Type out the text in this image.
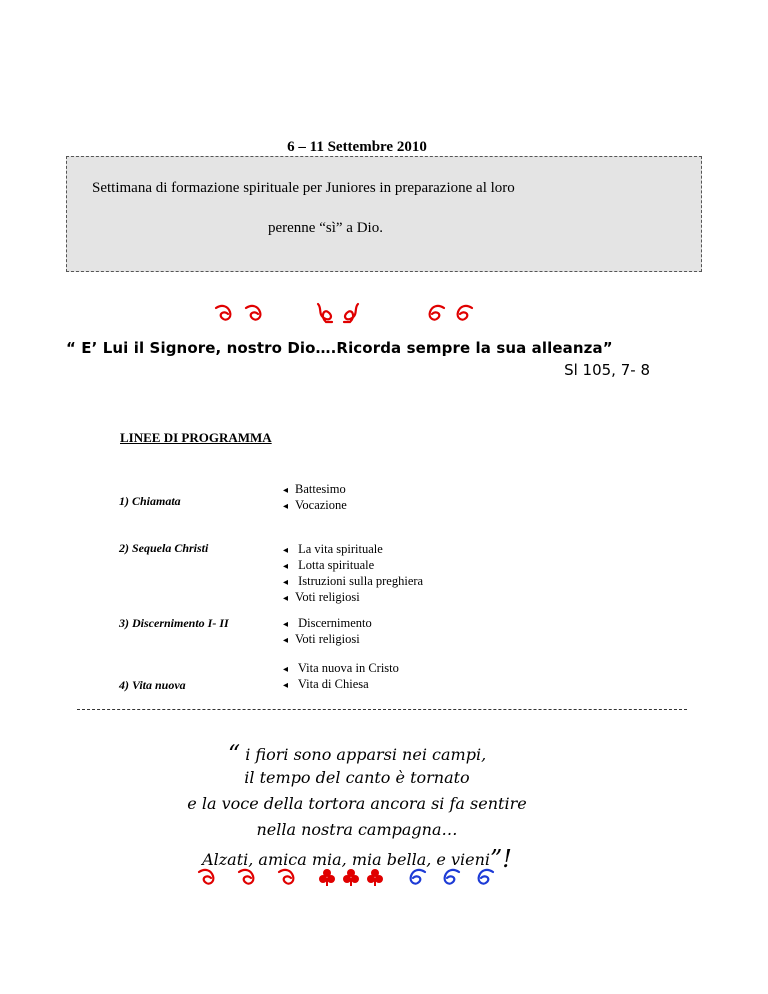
6 – 11 Settembre 2010
Settimana di formazione spirituale per Juniores in preparazione al loro
perenne “sì” a Dio.
“ E’ Lui il Signore, nostro Dio….Ricorda sempre la sua alleanza”
Sl 105, 7- 8
LINEE DI PROGRAMMA
1) Chiamata
◂ Battesimo
◂ Vocazione
2) Sequela Christi	◂ La vita spirituale
◂ Lotta spirituale
◂ Istruzioni sulla preghiera
◂ Voti religiosi
3) Discernimento I- II	◂ Discernimento
◂ Voti religiosi
4) Vita nuova
◂ Vita nuova in Cristo
◂ Vita di Chiesa
“ i fiori sono apparsi nei campi,
il tempo del canto è tornato
e la voce della tortora ancora si fa sentire
nella nostra campagna…
Alzati, amica mia, mia bella, e vieni”!
